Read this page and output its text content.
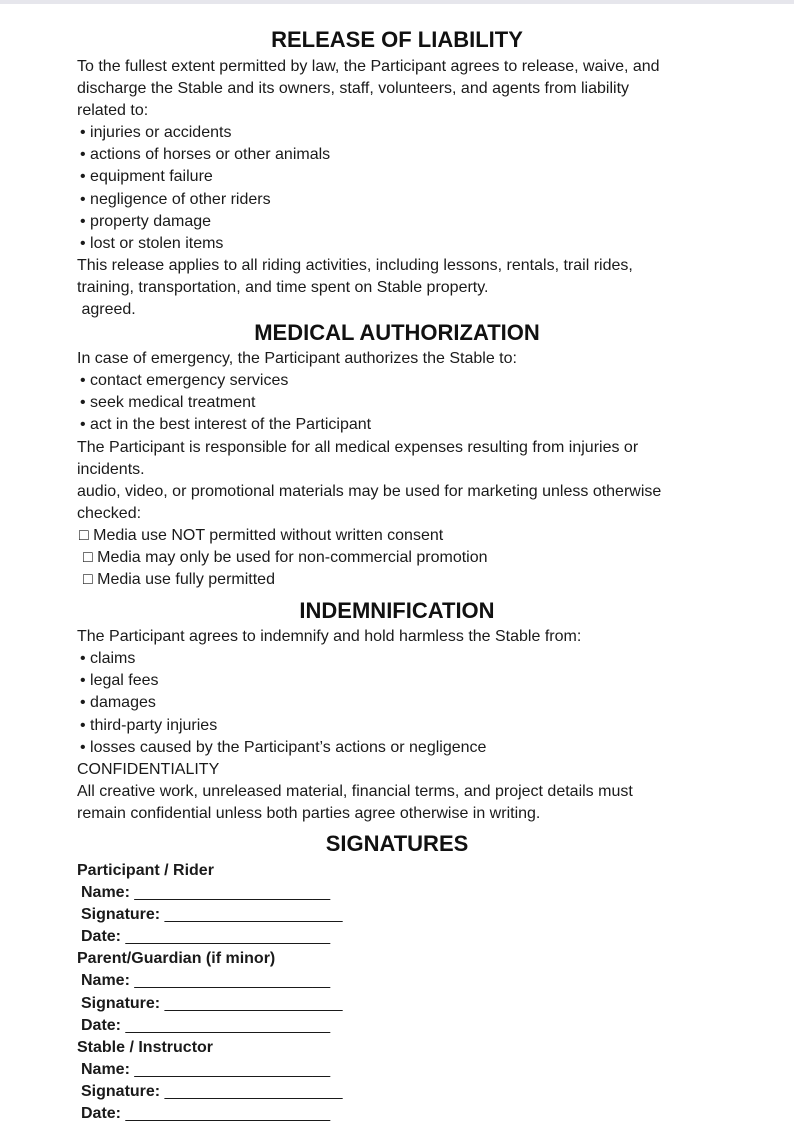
RELEASE OF LIABILITY
To the fullest extent permitted by law, the Participant agrees to release, waive, and
discharge the Stable and its owners, staff, volunteers, and agents from liability
related to:
• injuries or accidents
• actions of horses or other animals
• equipment failure
• negligence of other riders
• property damage
• lost or stolen items
This release applies to all riding activities, including lessons, rentals, trail rides,
training, transportation, and time spent on Stable property.
agreed.
MEDICAL AUTHORIZATION
In case of emergency, the Participant authorizes the Stable to:
• contact emergency services
• seek medical treatment
• act in the best interest of the Participant
The Participant is responsible for all medical expenses resulting from injuries or
incidents.
audio, video, or promotional materials may be used for marketing unless otherwise
checked:
□ Media use NOT permitted without written consent
□ Media may only be used for non-commercial promotion
□ Media use fully permitted
INDEMNIFICATION
The Participant agrees to indemnify and hold harmless the Stable from:
• claims
• legal fees
• damages
• third-party injuries
• losses caused by the Participant’s actions or negligence
CONFIDENTIALITY
All creative work, unreleased material, financial terms, and project details must
remain confidential unless both parties agree otherwise in writing.
SIGNATURES
Participant / Rider
Name: ______________________
Signature: ____________________
Date: _______________________
Parent/Guardian (if minor)
Name: ______________________
Signature: ____________________
Date: _______________________
Stable / Instructor
Name: ______________________
Signature: ____________________
Date: _______________________
